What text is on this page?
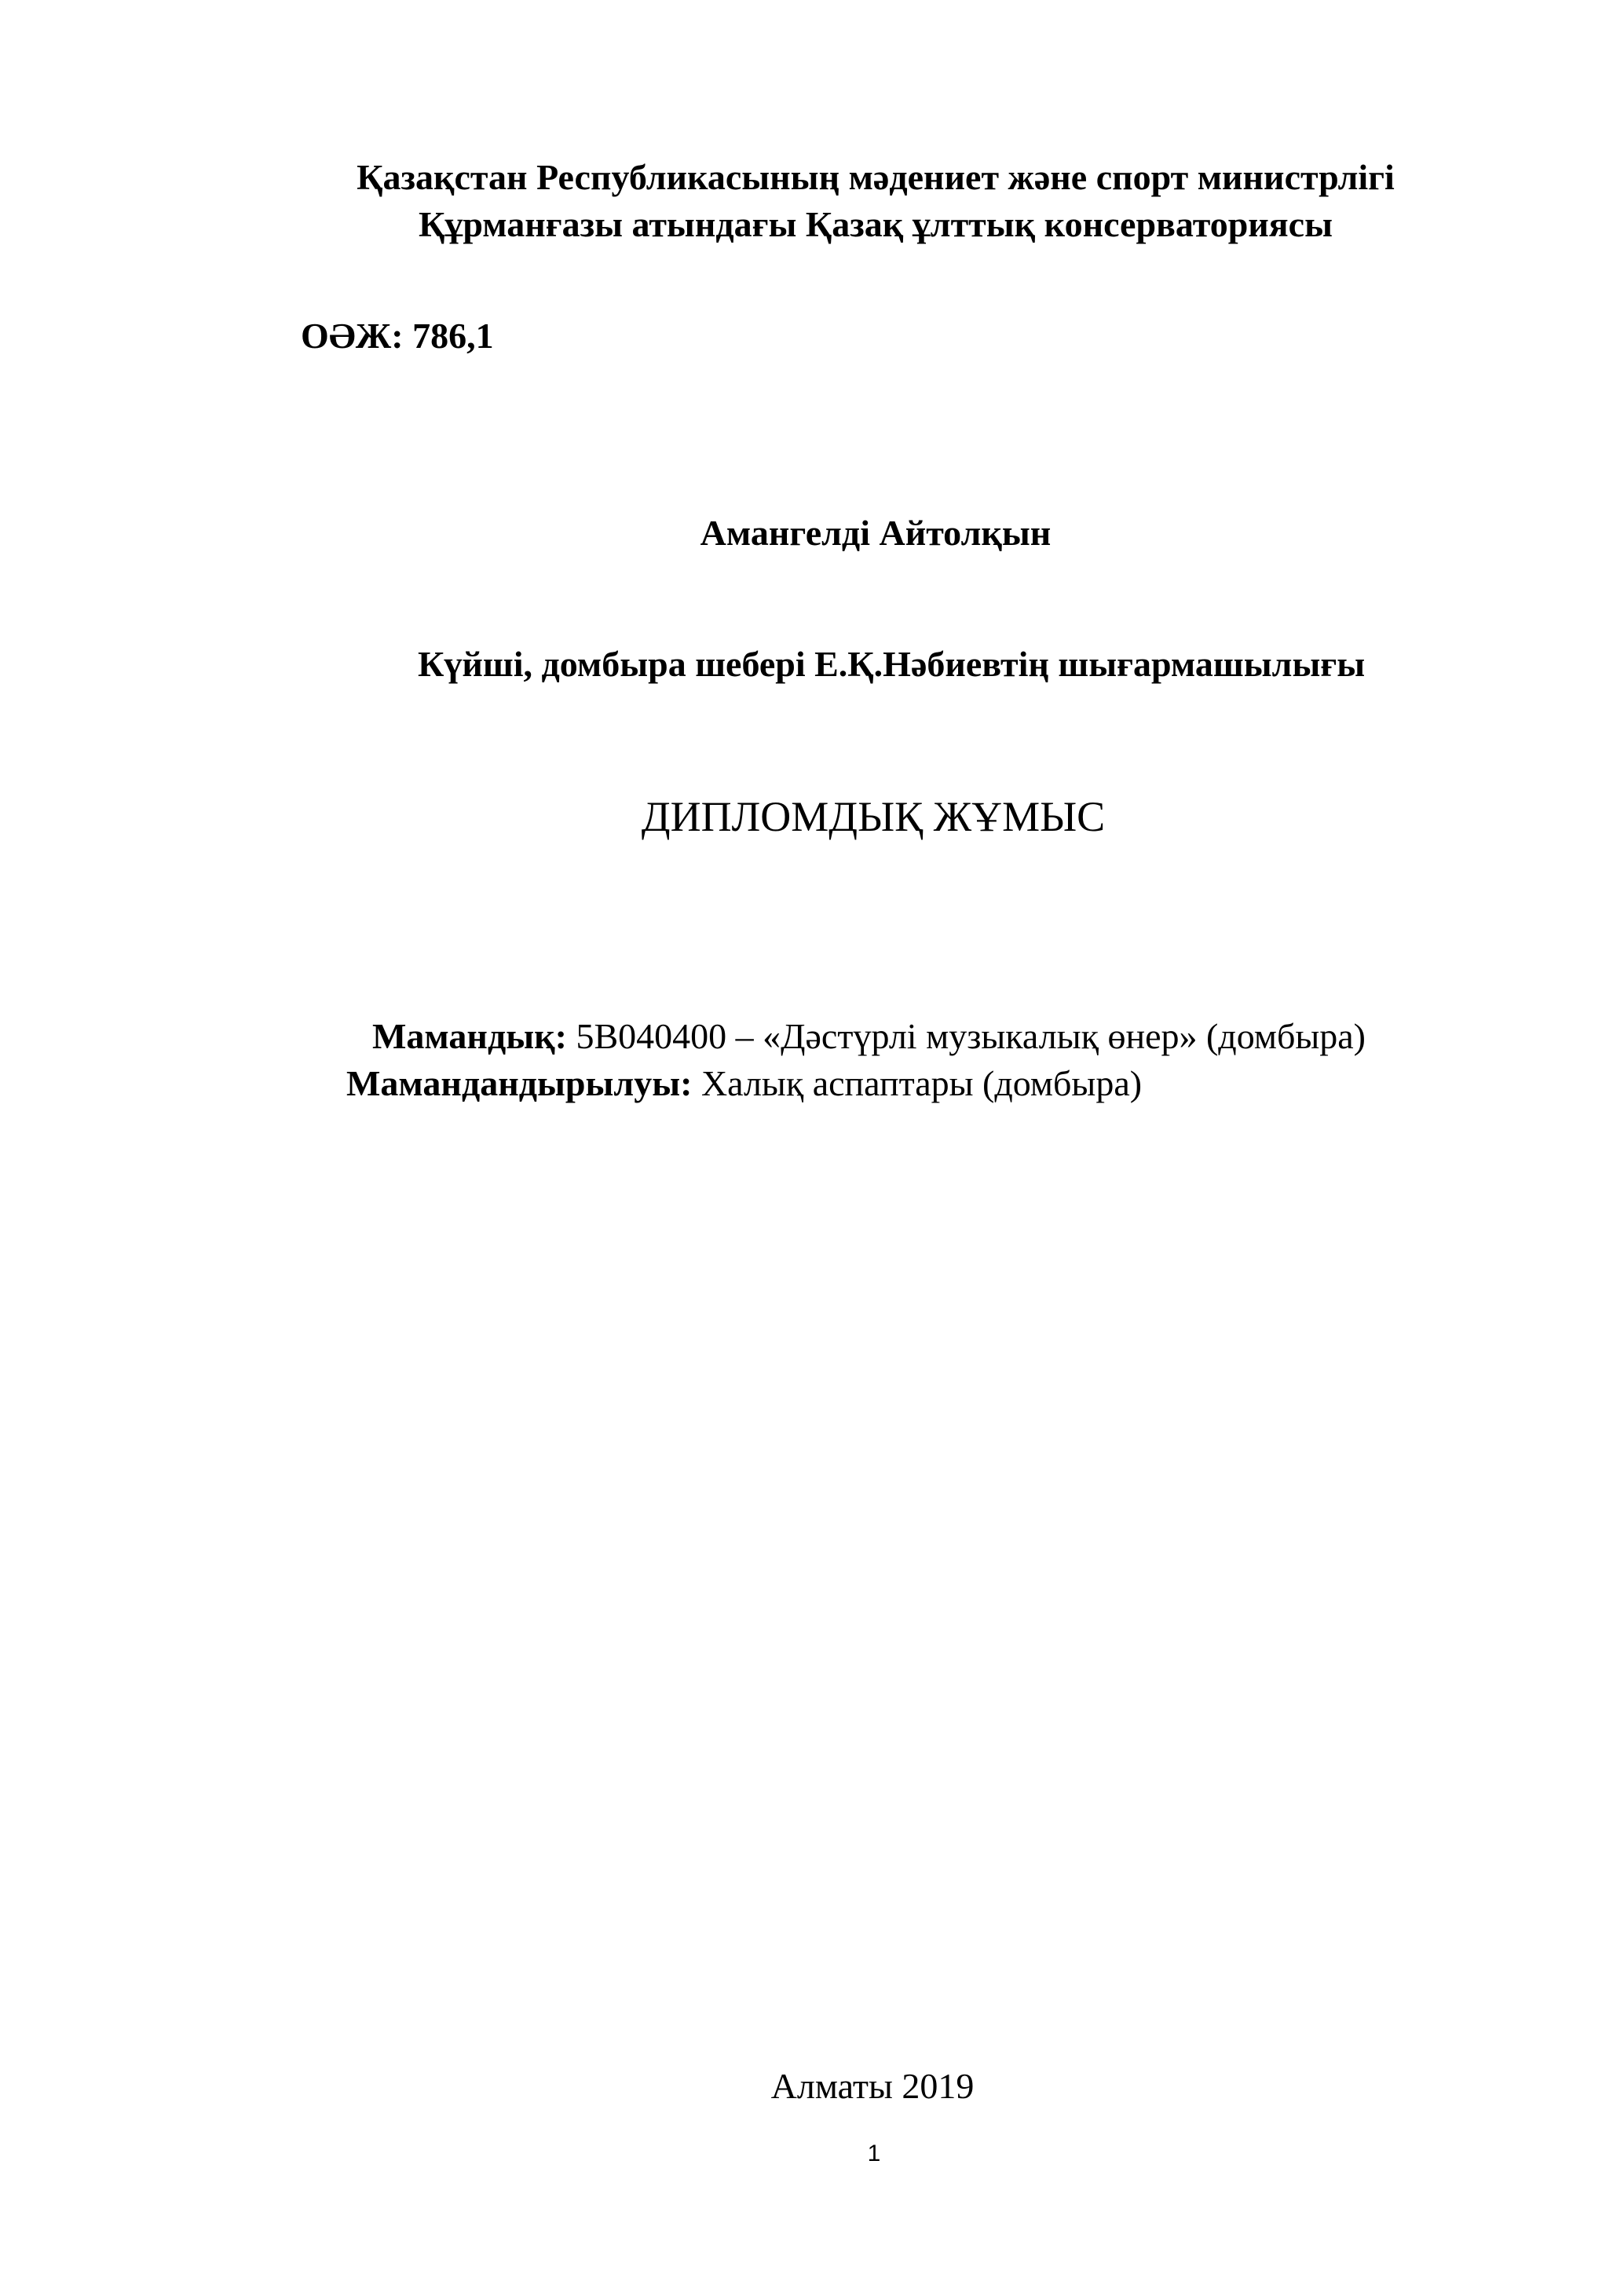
Қазақстан Республикасының мәдениет және спорт министрлігі
Құрманғазы атындағы Қазақ ұлттық консерваториясы
ОӘЖ: 786,1
Амангелді Айтолқын
Күйші, домбыра шебері Е.Қ.Нәбиевтің шығармашылығы
ДИПЛОМДЫҚ ЖҰМЫС
Мамандық: 5В040400 – «Дәстүрлі музыкалық өнер» (домбыра)
Мамандандырылуы: Халық аспаптары (домбыра)
Алматы 2019
1
